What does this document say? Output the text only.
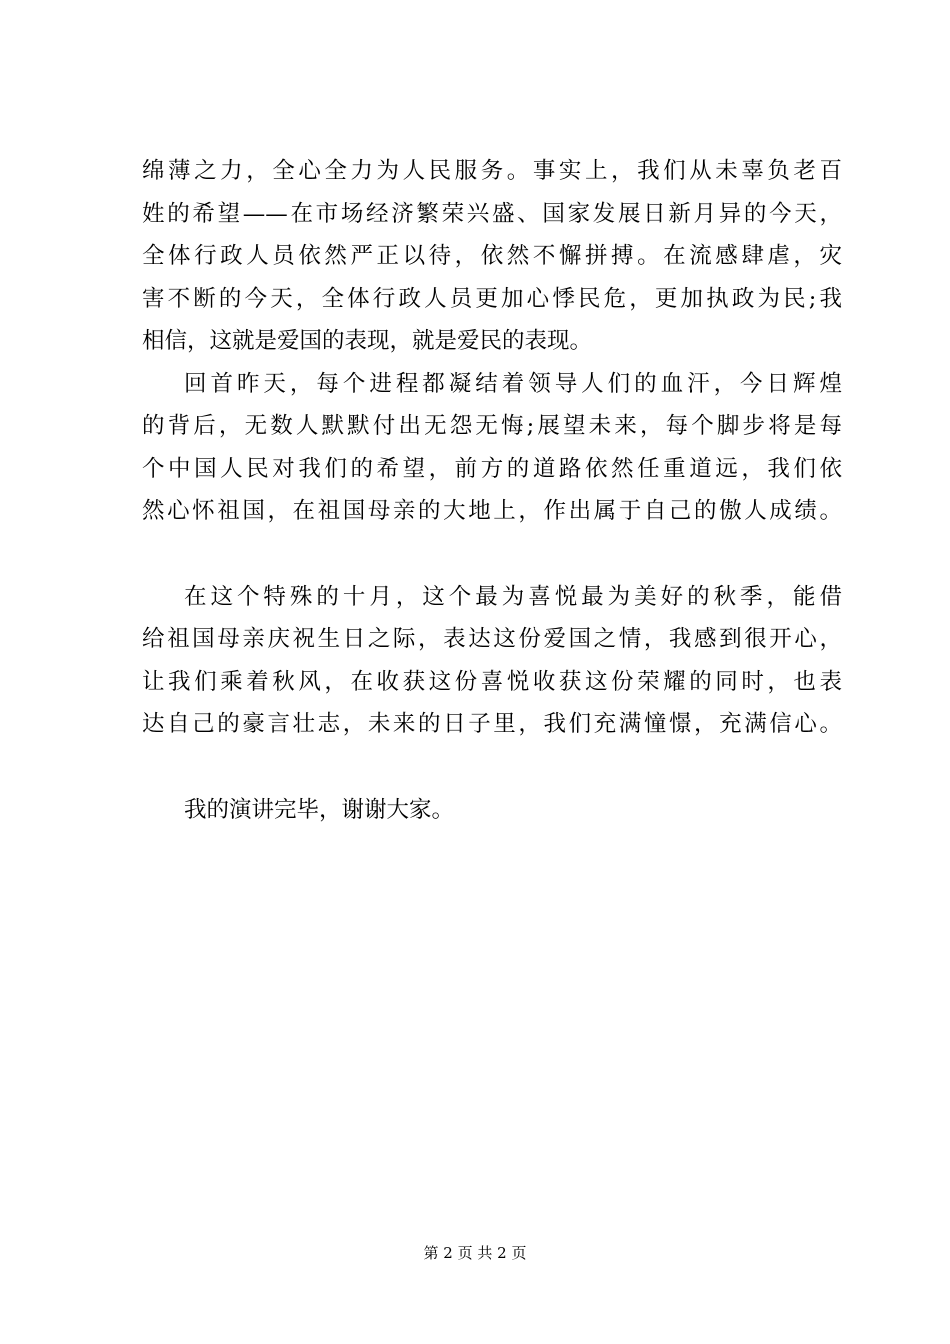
绵薄之力，全心全力为人民服务。事实上，我们从未辜负老百
姓的希望——在市场经济繁荣兴盛、国家发展日新月异的今天，
全体行政人员依然严正以待，依然不懈拼搏。在流感肆虐，灾
害不断的今天，全体行政人员更加心悸民危，更加执政为民;我
相信，这就是爱国的表现，就是爱民的表现。
回首昨天，每个进程都凝结着领导人们的血汗，今日辉煌
的背后，无数人默默付出无怨无悔;展望未来，每个脚步将是每
个中国人民对我们的希望，前方的道路依然任重道远，我们依
然心怀祖国，在祖国母亲的大地上，作出属于自己的傲人成绩。
在这个特殊的十月，这个最为喜悦最为美好的秋季，能借
给祖国母亲庆祝生日之际，表达这份爱国之情，我感到很开心，
让我们乘着秋风，在收获这份喜悦收获这份荣耀的同时，也表
达自己的豪言壮志，未来的日子里，我们充满憧憬，充满信心。
我的演讲完毕，谢谢大家。
第 2 页 共 2 页
